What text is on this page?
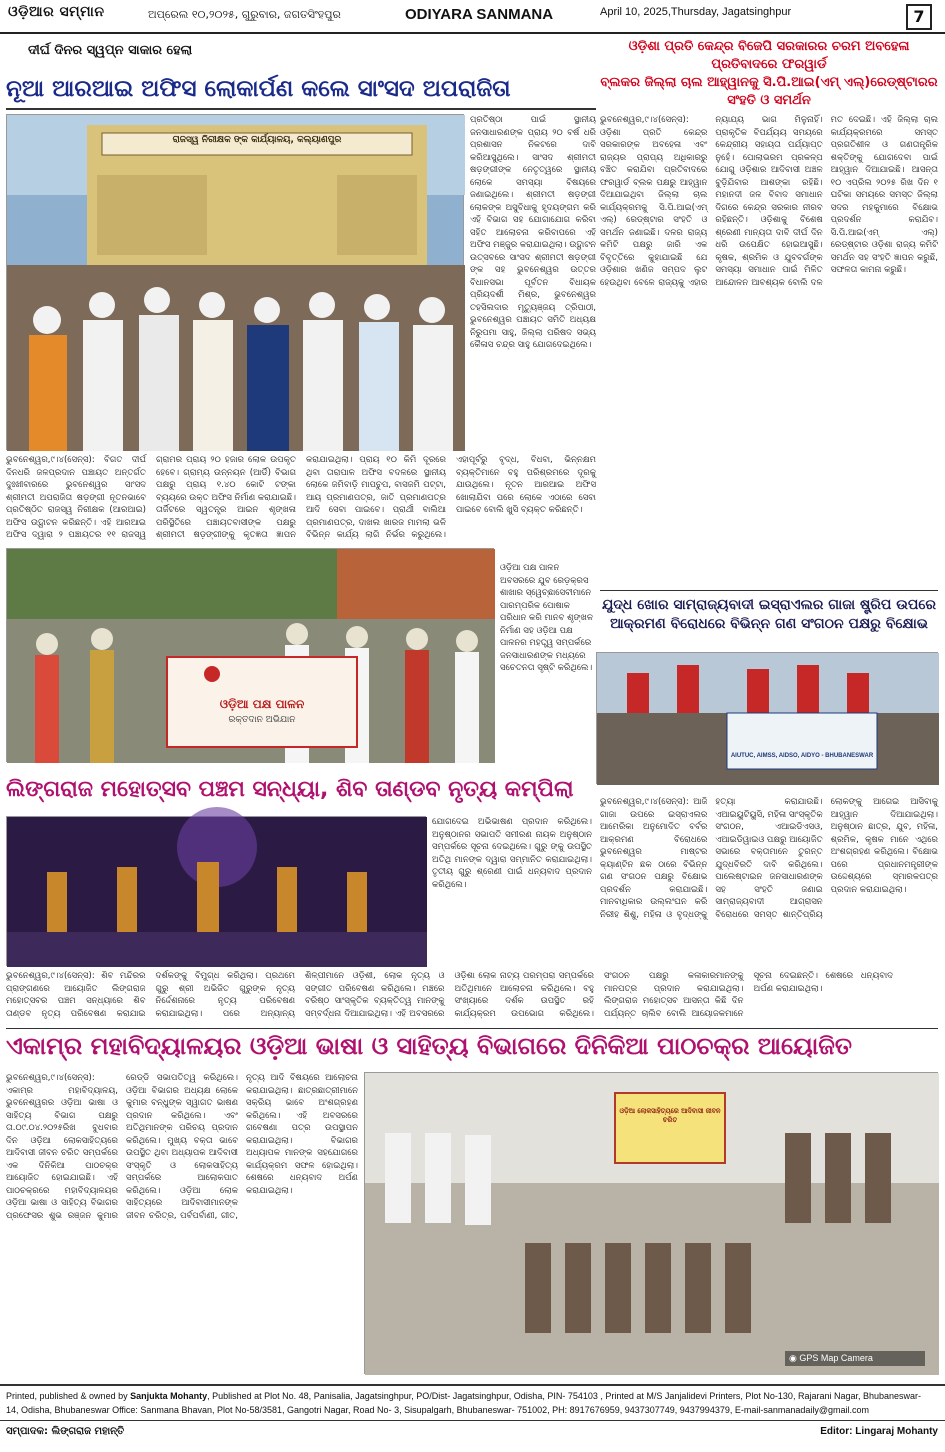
ଓଡ଼ିଆର ସମ୍ମାନ	ଅପ୍ରେଲ ୧୦,୨୦୨୫, ଗୁରୁବାର, ଜଗତସିଂହପୁର	ODIYARA SANMANA	April 10, 2025,Thursday, Jagatsinghpur	7
ଦୀର୍ଘ ଦିନର ସ୍ୱପ୍ନ ସାକାର ହେଲା
ନୂଆ ଆରଆଇ ଅଫିସ ଲୋକାର୍ପଣ କଲେ ସାଂସଦ ଅପରାଜିତା
ରାଜସ୍ୱ ନିରୀକ୍ଷକ ଙ୍କ କାର୍ଯ୍ୟାଳୟ, କଲ୍ୟାଣପୁର
ପ୍ରତିଷ୍ଠା ପାଇଁ ସ୍ଥାନୀୟ ଜନସାଧାରଣଙ୍କ ପ୍ରାୟ ୨୦ ବର୍ଷ ଧରି ପ୍ରଶାସନ ନିକଟରେ ଦାବି କରିଆସୁଥିଲେ। ସାଂସଦ ଶ୍ରୀମତୀ ଷଡ଼ଙ୍ଗୀଙ୍କ ନେତୃତ୍ୱରେ ସ୍ଥାନୀୟ ଲୋକେ ସମସ୍ୟା ବିଷୟରେ ଜଣାଇଥିଲେ। ଶ୍ରୀମତୀ ଷଡ଼ଙ୍ଗୀ ଲୋକଙ୍କ ଅସୁବିଧାକୁ ହୃଦୟଙ୍ଗମ କରି ଏହି ବିଭାଗ ସହ ଯୋଗାଯୋଗ କରିବା ସହିତ ଆଲୋଚନା କରିବାପରେ ଏହି ଅଫିସ ମଞ୍ଜୁର କରାଯାଇଥିଲା। ଉଦ୍ଘାଟନ ଉତ୍ସବରେ ସାଂସଦ ଶ୍ରୀମତୀ ଷଡ଼ଙ୍ଗୀ ଙ୍କ ସହ ଭୁବନେଶ୍ୱର ଉତ୍ତର ବିଧାନସଭା ପୂର୍ବତନ ବିଧାୟକ ପ୍ରିୟଦର୍ଶୀ ମିଶ୍ର, ଭୁବନେଶ୍ୱର ତହସିଲଦାର ମୃତ୍ୟୁଞ୍ଜୟ ତ୍ରିପାଠୀ, ଭୁବନେଶ୍ୱର ପଞ୍ଚାୟତ ସମିତି ଅଧ୍ୟକ୍ଷ ନିରୁପମା ସାହୁ, ଜିଲ୍ଲା ପରିଷଦ ସଭ୍ୟ କୈଳାସ ଚନ୍ଦ୍ର ସାହୁ ଯୋଗଦେଇଥିଲେ।
ଭୁବନେଶ୍ୱର,୯।୪(ସେନ୍ସ): ବିଗତ ଦୀର୍ଘ ଦିନଧରି ଜଳପ୍ରଦାନ ପଞ୍ଚାୟତ ଅନ୍ତର୍ଗତ ଦୁଃଖୀବାରରେ ଭୁବନେଶ୍ୱର ସାଂସଦ ଶ୍ରୀମତୀ ଅପରାଜିତା ଷଡ଼ଙ୍ଗୀ ନୂତନଭାବେ ପ୍ରତିଷ୍ଠିତ ରାଜସ୍ୱ ନିରୀକ୍ଷକ (ଆରଆଇ) ଅଫିସ ଉଦ୍ଘାଟନ କରିଛନ୍ତି। ଏହି ଆରଆଇ ଅଫିସ ଦ୍ୱାରା ୨ ପଞ୍ଚାୟତର ୧୧ ରାଜସ୍ୱ ଗ୍ରାମର ପ୍ରାୟ ୨୦ ହଜାର ଲୋକ ଉପକୃତ ହେବେ। ଗ୍ରାମ୍ୟ ଉନ୍ନୟନ (ଆର୍ଡି) ବିଭାଗ ପକ୍ଷରୁ ପ୍ରାୟ ୧.୪୦ କୋଟି ଟଙ୍କା ବ୍ୟୟରେ ଉକ୍ତ ଅଫିସ ନିର୍ମାଣ କରାଯାଇଛି। ତାର୍ଜିଟରେ ସ୍ୱତନ୍ତ୍ର ଆଇନ ଶୃଙ୍ଖଳା ପରିସ୍ଥିତିରେ ପଞ୍ଚାୟତବାସୀଙ୍କ ପକ୍ଷରୁ ଶ୍ରୀମତୀ ଷଡ଼ଙ୍ଗୀଙ୍କୁ କୃତଜ୍ଞତା ଜ୍ଞାପନ କରାଯାଇଥିଲା। ପ୍ରାୟ ୧୦ କିମି ଦୂରରେ ଥିବା ତାରାପାଳ ଅଫିସ ବଦଳରେ ସ୍ଥାନୀୟ ଲୋକେ ଜମିବାଡ଼ି ମାପଚୁପ, ବାସଜମି ପଟ୍ଟା, ଆୟ ପ୍ରମାଣପତ୍ର, ଜାତି ପ୍ରମାଣପତ୍ର ଆଦି ସେବା ପାଇବେ। ପ୍ରାର୍ଥୀ ବାଲିଆ ପ୍ରମାଣପତ୍ର, ଦାଖଲ ଖାରଜ ମାମଲା ଭଳି ବିଭିନ୍ନ କାର୍ଯ୍ୟ ଲାଗି ନିର୍ଭର କରୁଥିଲେ। ଏହାପୂର୍ବରୁ ବୃଦ୍ଧ, ବିଧବା, ଭିନ୍ନକ୍ଷମ ବ୍ୟକ୍ତିମାନେ ବହୁ ପରିଶ୍ରମରେ ଦୂରକୁ ଯାଉଥିଲେ। ନୂତନ ଆରଆଇ ଅଫିସ ଖୋଲାଯିବା ପରେ ଲୋକେ ଏଠାରେ ସେବା ପାଇବେ ବୋଲି ଖୁସି ବ୍ୟକ୍ତ କରିଛନ୍ତି।
ଓଡ଼ିଆ ପକ୍ଷ ପାଳନ
ରକ୍ତଦାନ ଅଭିଯାନ
ଓଡ଼ିଆ ପକ୍ଷ ପାଳନ ଅବସରରେ ଯୁବ ରେଡ଼କ୍ରସ ଶାଖାର ସ୍ୱେଚ୍ଛାସେବୀମାନେ ପାରମ୍ପରିକ ପୋଷାକ ପରିଧାନ କରି ମାନବ ଶୃଙ୍ଖଳ ନିର୍ମାଣ ସହ ଓଡ଼ିଆ ପକ୍ଷ ପାଳନର ମହତ୍ତ୍ୱ ସମ୍ପର୍କରେ ଜନସାଧାରଣଙ୍କ ମଧ୍ୟରେ ସଚେତନତା ସୃଷ୍ଟି କରିଥିଲେ।
ଓଡ଼ିଶା ପ୍ରତି କେନ୍ଦ୍ର ବିଜେପି ସରକାରର ଚରମ ଅବହେଳା ପ୍ରତିବାଦରେ ଫରୱାର୍ଡ
ବ୍ଲକର ଜିଲ୍ଲା ଚାଲ ଆହ୍ୱାନକୁ ସି.ପି.ଆଇ(ଏମ୍ ଏଲ୍)ରେଡ୍‌ଷ୍ଟାରର ସଂହତି ଓ ସମର୍ଥନ
ଭୁବନେଶ୍ୱର,୯।୪(ସେନ୍ସ): ଓଡ଼ିଶା ପ୍ରତି କେନ୍ଦ୍ର ସରକାରଙ୍କ ଅବହେଳା ଏବଂ ରାଜ୍ୟର ପ୍ରାପ୍ୟ ଅଧିକାରରୁ ବଞ୍ଚିତ କରାଯିବା ପ୍ରତିବାଦରେ ଫରୱାର୍ଡ ବ୍ଲକ ପକ୍ଷରୁ ଆହ୍ୱାନ ଦିଆଯାଇଥିବା ଜିଲ୍ଲା ଚାଲ କାର୍ଯ୍ୟକ୍ରମକୁ ସି.ପି.ଆଇ(ଏମ୍ ଏଲ୍) ରେଡ୍‌ଷ୍ଟାର ସଂହତି ଓ ସମର୍ଥନ ଜଣାଇଛି। ଦଳର ରାଜ୍ୟ କମିଟି ପକ୍ଷରୁ ଜାରି ଏକ ବିବୃତ୍ତିରେ କୁହାଯାଇଛି ଯେ ଓଡ଼ିଶାର ଖଣିଜ ସମ୍ପଦ ଲୁଟ ହେଉଥିବା ବେଳେ ରାଜ୍ୟକୁ ଏହାର ନ୍ୟାଯ୍ୟ ଭାଗ ମିଳୁନାହିଁ। ପ୍ରାକୃତିକ ବିପର୍ଯ୍ୟୟ ସମୟରେ କେନ୍ଦ୍ରୀୟ ସହାୟତା ପର୍ଯ୍ୟାପ୍ତ ନୁହେଁ। ପୋଲାଭରମ ପ୍ରକଳ୍ପ ଯୋଗୁ ଓଡ଼ିଶାର ଆଦିବାସୀ ଅଞ୍ଚଳ ବୁଡ଼ିଯିବାର ଆଶଙ୍କା ରହିଛି। ମହାନଦୀ ଜଳ ବିବାଦ ସମାଧାନ ଦିଗରେ କେନ୍ଦ୍ର ସରକାର ନୀରବ ରହିଛନ୍ତି। ଓଡ଼ିଶାକୁ ବିଶେଷ ଶ୍ରେଣୀ ମାନ୍ୟତା ଦାବି ଦୀର୍ଘ ଦିନ ଧରି ଉପେକ୍ଷିତ ହୋଇଆସୁଛି। କୃଷକ, ଶ୍ରମିକ ଓ ଯୁବବର୍ଗଙ୍କ ସମସ୍ୟା ସମାଧାନ ପାଇଁ ମିଳିତ ଆନ୍ଦୋଳନ ଆବଶ୍ୟକ ବୋଲି ଦଳ ମତ ଦେଇଛି। ଏହି ଜିଲ୍ଲା ଚାଲ କାର୍ଯ୍ୟକ୍ରମରେ ସମସ୍ତ ପ୍ରଗତିଶୀଳ ଓ ଗଣତାନ୍ତ୍ରିକ ଶକ୍ତିଙ୍କୁ ଯୋଗଦେବା ପାଇଁ ଆହ୍ୱାନ ଦିଆଯାଇଛି। ଆସନ୍ତା ୧୦ ଏପ୍ରିଲ ୨୦୨୫ ରିଖ ଦିନ ୧ ଘଟିକା ସମୟରେ ସମସ୍ତ ଜିଲ୍ଲା ସଦର ମହକୁମାରେ ବିକ୍ଷୋଭ ପ୍ରଦର୍ଶନ କରାଯିବ। ସି.ପି.ଆଇ(ଏମ୍ ଏଲ୍) ରେଡ୍‌ଷ୍ଟାର ଓଡ଼ିଶା ରାଜ୍ୟ କମିଟି ସମର୍ଥନ ସହ ସଂହତି ଜ୍ଞାପନ କରୁଛି, ସଫଳତା କାମନା କରୁଛି।
ଯୁଦ୍ଧ ଖୋର ସାମ୍ରାଜ୍ୟବାଦୀ ଇସ୍ରାଏଲର ଗାଜା ଷ୍ଟ୍ରିପ ଉପରେ
ଆକ୍ରମଣ ବିରୋଧରେ ବିଭିନ୍ନ ଗଣ ସଂଗଠନ ପକ୍ଷରୁ ବିକ୍ଷୋଭ
AIUTUC, AIMSS, AIDSO, AIDYO - BHUBANESWAR
ଲିଙ୍ଗରାଜ ମହୋତ୍ସବ ପଞ୍ଚମ ସନ୍ଧ୍ୟା, ଶିବ ତାଣ୍ଡବ ନୃତ୍ୟ କମ୍ପିଲା
ଯୋଗଦେଇ ଅଭିଭାଷଣ ପ୍ରଦାନ କରିଥିଲେ। ଅନୁଷ୍ଠାନର ସଭାପତି ସମୀରଣ ନାୟକ ଅନୁଷ୍ଠାନ ସମ୍ପର୍କରେ ସୂଚନା ଦେଇଥିଲେ। ଗୁରୁ ଙ୍କୁ ଉପସ୍ଥିତ ଅତିଥି ମାନଙ୍କ ଦ୍ୱାରା ସମ୍ମାନିତ କରାଯାଇଥିଲା। ତୃତୀୟ ଗୁରୁ ଶ୍ରେଣୀ ପାଇଁ ଧନ୍ୟବାଦ ପ୍ରଦାନ କରିଥିଲେ।
ଭୁବନେଶ୍ୱର,୯।୪(ସେନ୍ସ): ଶିବ ମନ୍ଦିରର ପ୍ରାଙ୍ଗଣରେ ଆୟୋଜିତ ଲିଙ୍ଗରାଜ ମହୋତ୍ସବର ପଞ୍ଚମ ସନ୍ଧ୍ୟାରେ ଶିବ ତାଣ୍ଡବ ନୃତ୍ୟ ପରିବେଷଣ କରାଯାଇ ଦର୍ଶକଙ୍କୁ ବିମୁଗ୍ଧ କରିଥିଲା। ପ୍ରଥମେ ଗୁରୁ ଶ୍ରୀ ଅଭିଜିତ ଗୁରୁଙ୍କ ନୃତ୍ୟ ନିର୍ଦ୍ଦେଶନାରେ ନୃତ୍ୟ ପରିବେଷଣ କରାଯାଇଥିଲା। ପରେ ଅନ୍ୟାନ୍ୟ ଶିଳ୍ପୀମାନେ ଓଡ଼ିଶୀ, ଲୋକ ନୃତ୍ୟ ଓ ସଙ୍ଗୀତ ପରିବେଷଣ କରିଥିଲେ। ମଞ୍ଚରେ ବରିଷ୍ଠ ସାଂସ୍କୃତିକ ବ୍ୟକ୍ତିତ୍ୱ ମାନଙ୍କୁ ସମ୍ବର୍ଦ୍ଧନା ଦିଆଯାଇଥିଲା। ଏହି ଅବସରରେ ଓଡ଼ିଶା ଲୋକ ନାଟ୍ୟ ପରମ୍ପରା ସମ୍ପର୍କରେ ଅତିଥିମାନେ ଆଲୋଚନା କରିଥିଲେ। ବହୁ ସଂଖ୍ୟାରେ ଦର୍ଶକ ଉପସ୍ଥିତ ରହି କାର୍ଯ୍ୟକ୍ରମ ଉପଭୋଗ କରିଥିଲେ। ସଂଗଠନ ପକ୍ଷରୁ କଳାକାରମାନଙ୍କୁ ମାନପତ୍ର ପ୍ରଦାନ କରାଯାଇଥିଲା। ଲିଙ୍ଗରାଜ ମହୋତ୍ସବ ଆସନ୍ତା କିଛି ଦିନ ପର୍ଯ୍ୟନ୍ତ ଚାଲିବ ବୋଲି ଆୟୋଜକମାନେ ସୂଚନା ଦେଇଛନ୍ତି। ଶେଷରେ ଧନ୍ୟବାଦ ଅର୍ପଣ କରାଯାଇଥିଲା।
ଭୁବନେଶ୍ୱର,୯।୪(ସେନ୍ସ): ଆଜି ଗାଜା ଉପରେ ଇସ୍ରାଏଲର ଆମେରିକା ଅନୁମୋଦିତ ବର୍ବର ଆକ୍ରମଣ ବିରୋଧରେ ଭୁବନେଶ୍ୱର ମାଷ୍ଟର କ୍ୟାଣ୍ଟିନ ଛକ ଠାରେ ବିଭିନ୍ନ ଗଣ ସଂଗଠନ ପକ୍ଷରୁ ବିକ୍ଷୋଭ ପ୍ରଦର୍ଶନ କରାଯାଇଛି। ମାନବାଧିକାର ଉଲ୍ଲଂଘନ କରି ନିରୀହ ଶିଶୁ, ମହିଳା ଓ ବୃଦ୍ଧଙ୍କୁ ହତ୍ୟା କରାଯାଉଛି। ଏଆଇୟୁଟିୟୁସି, ମହିଳା ସାଂସ୍କୃତିକ ସଂଗଠନ, ଏଆଇଡିଏସଓ, ଏଆଇଡିୱାଇଓ ପକ୍ଷରୁ ଆୟୋଜିତ ସଭାରେ ବକ୍ତାମାନେ ତୁରନ୍ତ ଯୁଦ୍ଧବିରତି ଦାବି କରିଥିଲେ। ପାଲେଷ୍ଟାଇନ ଜନସାଧାରଣଙ୍କ ସହ ସଂହତି ଜଣାଇ ସାମ୍ରାଜ୍ୟବାଦୀ ଆଗ୍ରାସନ ବିରୋଧରେ ସମସ୍ତ ଶାନ୍ତିପ୍ରିୟ ଲୋକଙ୍କୁ ଆଗେଇ ଆସିବାକୁ ଆହ୍ୱାନ ଦିଆଯାଇଥିଲା। ଅନୁଷ୍ଠାନ ଛାତ୍ର, ଯୁବ, ମହିଳା, ଶ୍ରମିକ, କୃଷକ ମାନେ ଏଥିରେ ଅଂଶଗ୍ରହଣ କରିଥିଲେ। ବିକ୍ଷୋଭ ପରେ ପ୍ରଧାନମନ୍ତ୍ରୀଙ୍କ ଉଦ୍ଦେଶ୍ୟରେ ସ୍ମାରକପତ୍ର ପ୍ରଦାନ କରାଯାଇଥିଲା।
ଏକାମ୍ର ମହାବିଦ୍ୟାଳୟର ଓଡ଼ିଆ ଭାଷା ଓ ସାହିତ୍ୟ ବିଭାଗରେ ଦିନିକିଆ ପାଠଚକ୍ର ଆୟୋଜିତ
ଭୁବନେଶ୍ୱର,୯।୪(ସେନ୍ସ): ଏକାମ୍ର ମହାବିଦ୍ୟାଳୟ, ଭୁବନେଶ୍ୱରର ଓଡ଼ିଆ ଭାଷା ଓ ସାହିତ୍ୟ ବିଭାଗ ପକ୍ଷରୁ ତା.୦୯.୦୪.୨୦୨୫ରିଖ ବୁଧବାର ଦିନ ଓଡ଼ିଆ ଲୋକସାହିତ୍ୟରେ ଆଦିବାସୀ ଜୀବନ ଚରିତ ସମ୍ପର୍କରେ ଏକ ଦିନିକିଆ ପାଠଚକ୍ର ଆୟୋଜିତ ହୋଇଯାଇଛି। ଏହି ପାଠଚକ୍ରରେ ମହାବିଦ୍ୟାଳୟର ଓଡ଼ିଆ ଭାଷା ଓ ସାହିତ୍ୟ ବିଭାଗର ପ୍ରଫେସର ଶୁଭ ରଞ୍ଜନ କୁମାର ରେଡ୍ଡି ସଭାପତିତ୍ୱ କରିଥିଲେ। ଓଡ଼ିଆ ବିଭାଗର ଅଧ୍ୟକ୍ଷ ଲୋକେ କୁମାର ବନ୍ଧୁଙ୍କ ସ୍ୱାଗତ ଭାଷଣ ପ୍ରଦାନ କରିଥିଲେ। ଏବଂ ଅତିଥିମାନଙ୍କ ପରିଚୟ ପ୍ରଦାନ କରିଥିଲେ। ମୁଖ୍ୟ ବକ୍ତା ଭାବେ ଉପସ୍ଥିତ ଥିବା ଅଧ୍ୟାପକ ଆଦିବାସୀ ସଂସ୍କୃତି ଓ ଲୋକସାହିତ୍ୟ ସମ୍ପର୍କରେ ଆଲୋକପାତ କରିଥିଲେ। ଓଡ଼ିଆ ଲୋକ ସାହିତ୍ୟରେ ଆଦିବାସୀମାନଙ୍କ ଜୀବନ ଚରିତ୍ର, ପର୍ବପର୍ବାଣୀ, ଗୀତ, ନୃତ୍ୟ ଆଦି ବିଷୟରେ ଆଲୋଚନା କରାଯାଇଥିଲା। ଛାତ୍ରଛାତ୍ରୀମାନେ ସକ୍ରିୟ ଭାବେ ଅଂଶଗ୍ରହଣ କରିଥିଲେ। ଏହି ଅବସରରେ ଗବେଷଣା ପତ୍ର ଉପସ୍ଥାପନ କରାଯାଇଥିଲା। ବିଭାଗର ଅଧ୍ୟାପକ ମାନଙ୍କ ସହଯୋଗରେ କାର୍ଯ୍ୟକ୍ରମ ସଫଳ ହୋଇଥିଲା। ଶେଷରେ ଧନ୍ୟବାଦ ଅର୍ପଣ କରାଯାଇଥିଲା।
ଓଡ଼ିଆ ଲୋକସାହିତ୍ୟରେ ଆଦିବାସୀ ଜୀବନ ଚରିତ
◉ GPS Map Camera
Printed, published & owned by Sanjukta Mohanty, Published at Plot No. 48, Panisalia, Jagatsinghpur, PO/Dist- Jagatsinghpur, Odisha, PIN- 754103 , Printed at M/S Janjalidevi Printers, Plot No-130, Rajarani Nagar, Bhubaneswar-
14, Odisha, Bhubaneswar Office: Sanmana Bhavan, Plot No-58/3581, Gangotri Nagar, Road No- 3, Sisupalgarh, Bhubaneswar- 751002, PH: 8917676959, 9437307749, 9437994379, E-mail-sanmanadaily@gmail.com
ସମ୍ପାଦକ: ଲିଙ୍ଗରାଜ ମହାନ୍ତି	Editor: Lingaraj Mohanty
